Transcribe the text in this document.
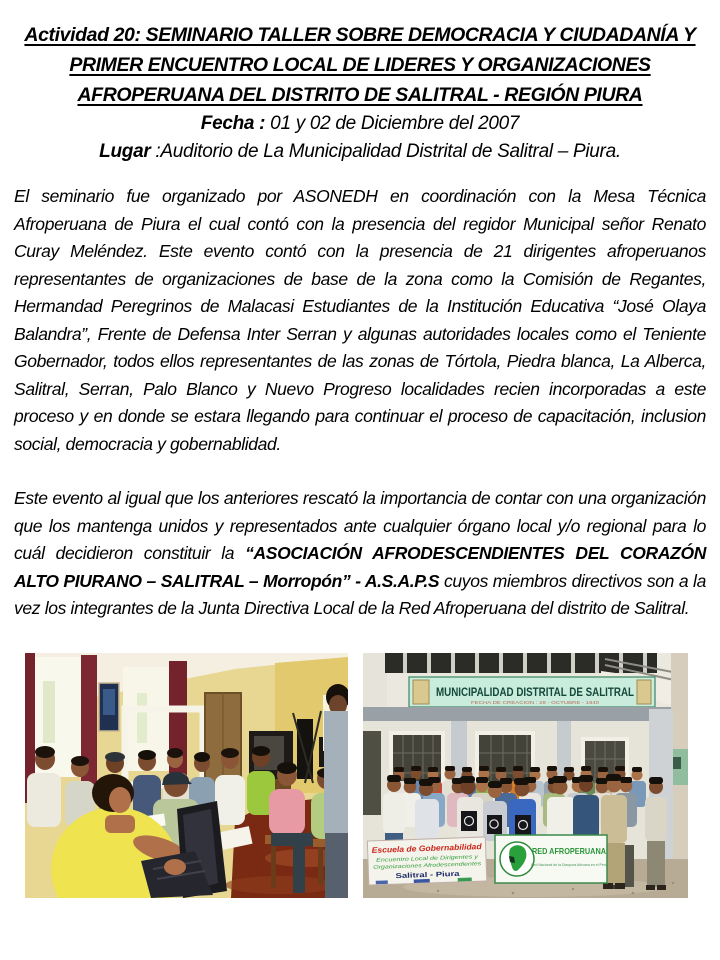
Actividad 20: SEMINARIO TALLER SOBRE DEMOCRACIA Y CIUDADANÍA Y
PRIMER ENCUENTRO LOCAL DE LIDERES Y ORGANIZACIONES
AFROPERUANA DEL DISTRITO DE SALITRAL - REGIÓN PIURA
Fecha : 01 y 02 de Diciembre del 2007
Lugar :Auditorio de La Municipalidad Distrital de Salitral – Piura.

El seminario fue organizado por ASONEDH en coordinación con la Mesa Técnica Afroperuana de Piura el cual contó con la presencia del regidor Municipal señor Renato Curay Meléndez. Este evento contó con la presencia de 21 dirigentes afroperuanos representantes de organizaciones de base de la zona como la Comisión de Regantes, Hermandad Peregrinos de Malacasi Estudiantes de la Institución Educativa “José Olaya Balandra”, Frente de Defensa Inter Serran y algunas autoridades locales como el Teniente Gobernador, todos ellos representantes de las zonas de Tórtola, Piedra blanca, La Alberca, Salitral, Serran, Palo Blanco y Nuevo Progreso localidades recien incorporadas a este proceso y en donde se estara llegando para continuar el proceso de capacitación, inclusion social, democracia y gobernablidad.

Este evento al igual que los anteriores rescató la importancia de contar con una organización que los mantenga unidos y representados ante cualquier órgano local y/o regional para lo cuál decidieron constituir la “ASOCIACIÓN AFRODESCENDIENTES DEL CORAZÓN ALTO PIURANO – SALITRAL – Morropón” - A.S.A.P.S cuyos miembros directivos son a la vez los integrantes de la Junta Directiva Local de la Red Afroperuana del distrito de Salitral.

MUNICIPALIDAD DISTRITAL DE SALITRAL
FECHA DE CREACION : 28 - OCTUBRE - 1940
Escuela de Gobernabilidad
Encuentro Local de Dirigentes y
Organizaciones Afrodescendientes
Salitral - Piura
RED AFROPERUANA
Red Nacional de la Diaspora Africana en el Perú
